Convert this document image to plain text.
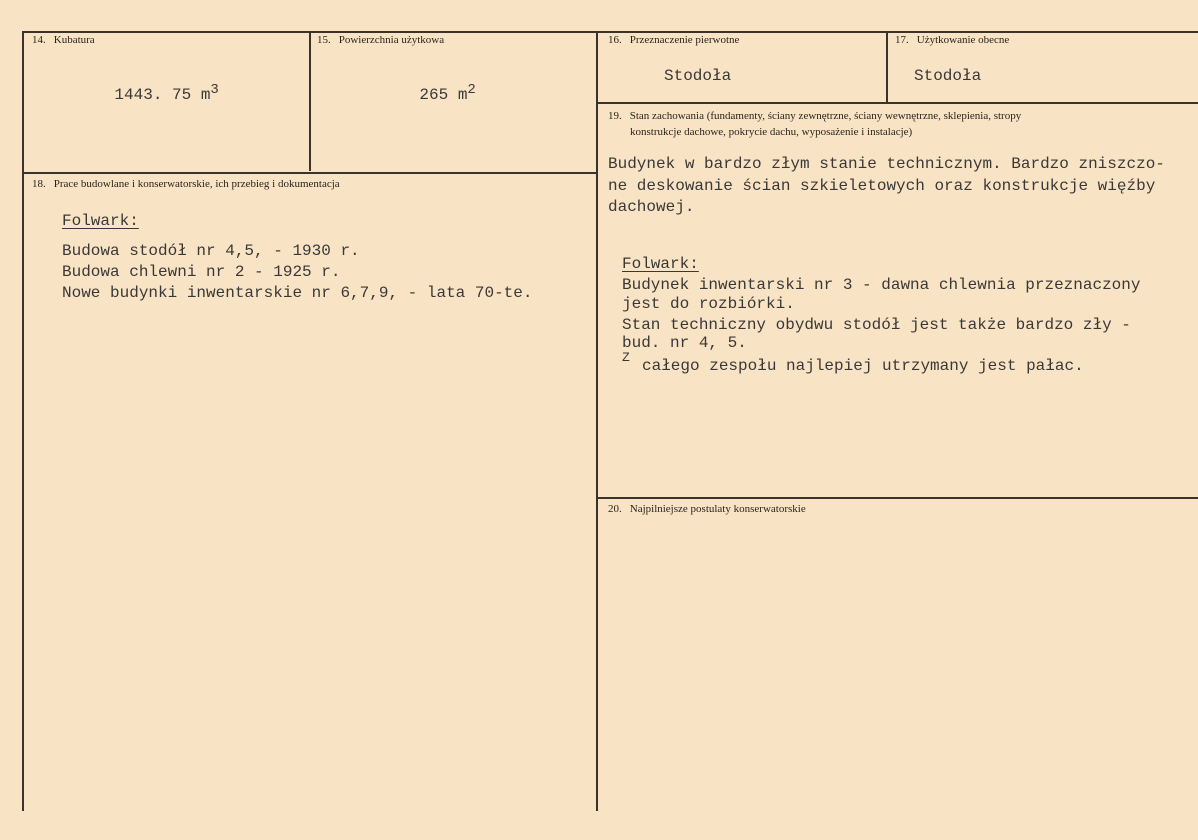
14. Kubatura

1443. 75 $m^3$

15. Powierzchnia użytkowa

265 $m^2$

16. Przeznaczenie pierwotne
Stodoła
17. Użytkowanie obecne
Stodoła
18. Prace budowlane i konserwatorskie, ich przebieg i dokumentacja
Folwark:
Budowa stodół nr 4,5, - 1930 r.
Budowa chlewni nr 2 - 1925 r.
Nowe budynki inwentarskie nr 6,7,9, - lata 70-te.
19. Stan zachowania (fundamenty, ściany zewnętrzne, ściany wewnętrzne, sklepienia, stropy
konstrukcje dachowe, pokrycie dachu, wyposażenie i instalacje)
Budynek w bardzo złym stanie technicznym. Bardzo zniszczo-
ne deskowanie ścian szkieletowych oraz konstrukcje więźby
dachowej.
Folwark:
Budynek inwentarski nr 3 - dawna chlewnia przeznaczony
jest do rozbiórki.
Stan techniczny obydwu stodół jest także bardzo zły -
bud. nr 4, 5.
Z całego zespołu najlepiej utrzymany jest pałac.
20. Najpilniejsze postulaty konserwatorskie
